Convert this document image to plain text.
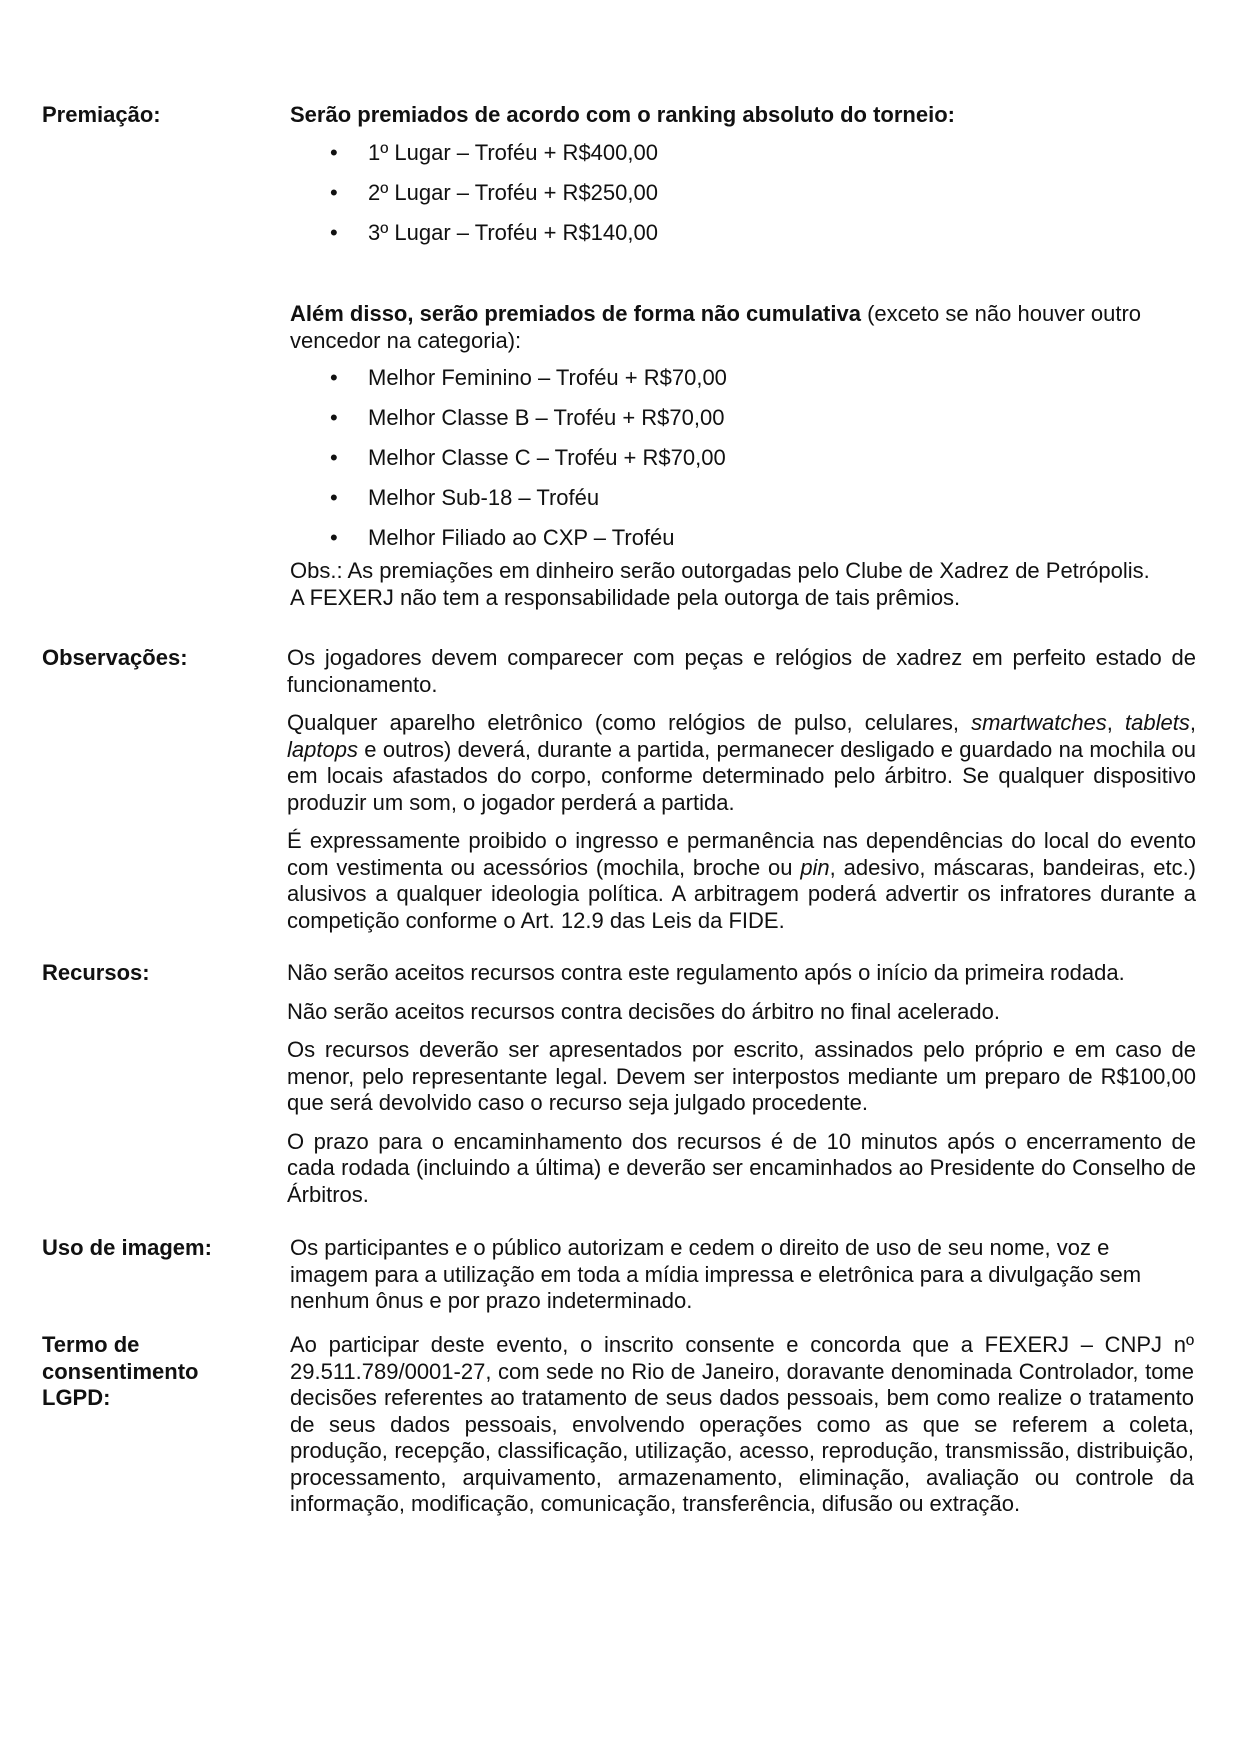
Premiação:	Serão premiados de acordo com o ranking absoluto do torneio:

• 1º Lugar – Troféu + R$400,00
• 2º Lugar – Troféu + R$250,00
• 3º Lugar – Troféu + R$140,00

Além disso, serão premiados de forma não cumulativa (exceto se não houver outro vencedor na categoria):

• Melhor Feminino – Troféu + R$70,00
• Melhor Classe B – Troféu + R$70,00
• Melhor Classe C – Troféu + R$70,00
• Melhor Sub-18 – Troféu
• Melhor Filiado ao CXP – Troféu

Obs.: As premiações em dinheiro serão outorgadas pelo Clube de Xadrez de Petrópolis.

A FEXERJ não tem a responsabilidade pela outorga de tais prêmios.

Observações:	Os jogadores devem comparecer com peças e relógios de xadrez em perfeito estado de funcionamento.

Qualquer aparelho eletrônico (como relógios de pulso, celulares, smartwatches, tablets, laptops e outros) deverá, durante a partida, permanecer desligado e guardado na mochila ou em locais afastados do corpo, conforme determinado pelo árbitro. Se qualquer dispositivo produzir um som, o jogador perderá a partida.

É expressamente proibido o ingresso e permanência nas dependências do local do evento com vestimenta ou acessórios (mochila, broche ou pin, adesivo, máscaras, bandeiras, etc.) alusivos a qualquer ideologia política. A arbitragem poderá advertir os infratores durante a competição conforme o Art. 12.9 das Leis da FIDE.

Recursos:	Não serão aceitos recursos contra este regulamento após o início da primeira rodada.

Não serão aceitos recursos contra decisões do árbitro no final acelerado.

Os recursos deverão ser apresentados por escrito, assinados pelo próprio e em caso de menor, pelo representante legal. Devem ser interpostos mediante um preparo de R$100,00 que será devolvido caso o recurso seja julgado procedente.

O prazo para o encaminhamento dos recursos é de 10 minutos após o encerramento de cada rodada (incluindo a última) e deverão ser encaminhados ao Presidente do Conselho de Árbitros.

Uso de imagem:	Os participantes e o público autorizam e cedem o direito de uso de seu nome, voz e

imagem para a utilização em toda a mídia impressa e eletrônica para a divulgação sem

nenhum ônus e por prazo indeterminado.

Termo de
consentimento
LGPD:

Ao participar deste evento, o inscrito consente e concorda que a FEXERJ – CNPJ nº 29.511.789/0001-27, com sede no Rio de Janeiro, doravante denominada Controlador, tome decisões referentes ao tratamento de seus dados pessoais, bem como realize o tratamento de seus dados pessoais, envolvendo operações como as que se referem a coleta, produção, recepção, classificação, utilização, acesso, reprodução, transmissão, distribuição, processamento, arquivamento, armazenamento, eliminação, avaliação ou controle da informação, modificação, comunicação, transferência, difusão ou extração.
